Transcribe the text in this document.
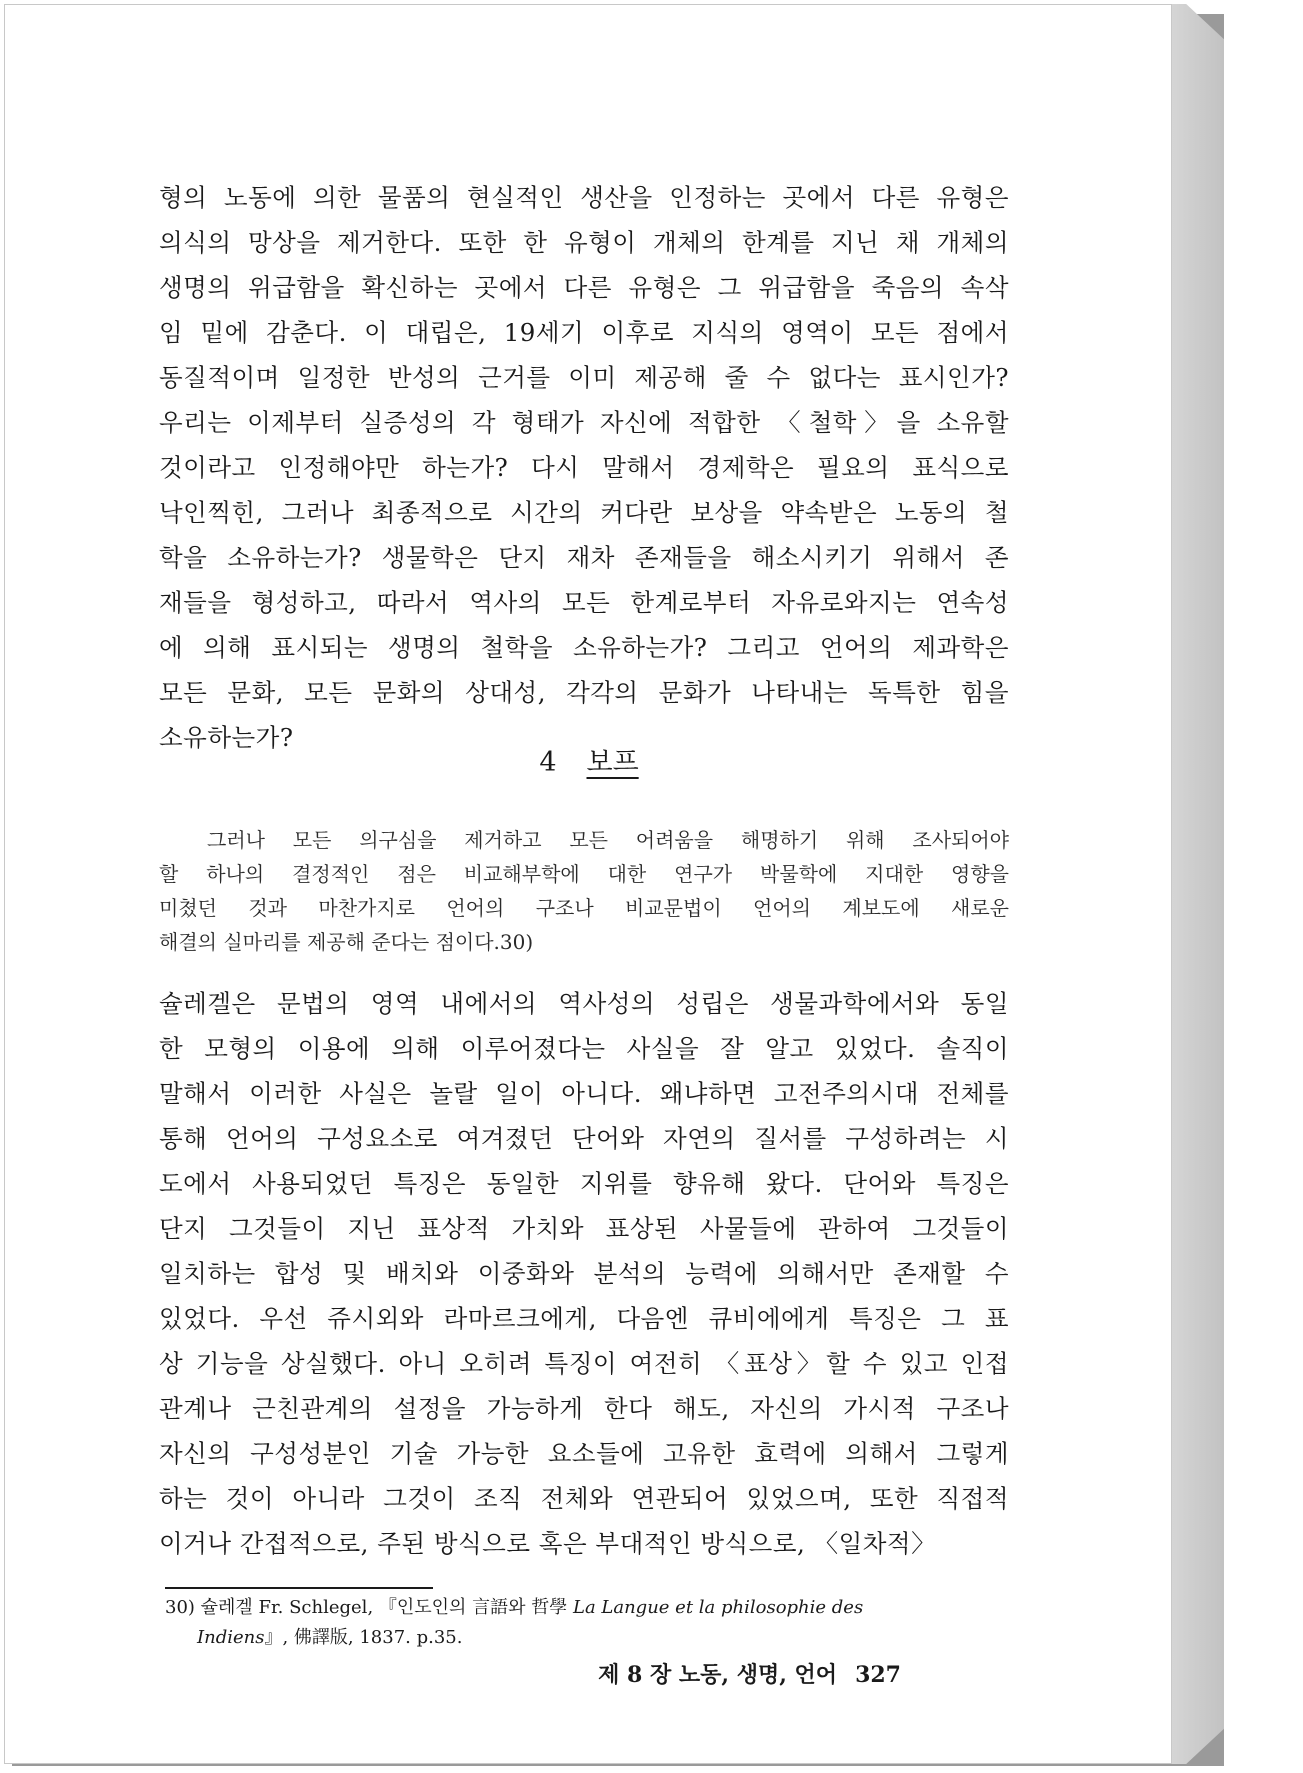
형의 노동에 의한 물품의 현실적인 생산을 인정하는 곳에서 다른 유형은
의식의 망상을 제거한다. 또한 한 유형이 개체의 한계를 지닌 채 개체의
생명의 위급함을 확신하는 곳에서 다른 유형은 그 위급함을 죽음의 속삭
임 밑에 감춘다. 이 대립은, 19세기 이후로 지식의 영역이 모든 점에서
동질적이며 일정한 반성의 근거를 이미 제공해 줄 수 없다는 표시인가?
우리는 이제부터 실증성의 각 형태가 자신에 적합한 〈철학〉을 소유할
것이라고 인정해야만 하는가? 다시 말해서 경제학은 필요의 표식으로
낙인찍힌, 그러나 최종적으로 시간의 커다란 보상을 약속받은 노동의 철
학을 소유하는가? 생물학은 단지 재차 존재들을 해소시키기 위해서 존
재들을 형성하고, 따라서 역사의 모든 한계로부터 자유로와지는 연속성
에 의해 표시되는 생명의 철학을 소유하는가? 그리고 언어의 제과학은
모든 문화, 모든 문화의 상대성, 각각의 문화가 나타내는 독특한 힘을
소유하는가?

4 보프
그러나 모든 의구심을 제거하고 모든 어려움을 해명하기 위해 조사되어야
할 하나의 결정적인 점은 비교해부학에 대한 연구가 박물학에 지대한 영향을
미쳤던 것과 마찬가지로 언어의 구조나 비교문법이 언어의 계보도에 새로운
해결의 실마리를 제공해 준다는 점이다.30)

슐레겔은 문법의 영역 내에서의 역사성의 성립은 생물과학에서와 동일
한 모형의 이용에 의해 이루어졌다는 사실을 잘 알고 있었다. 솔직이
말해서 이러한 사실은 놀랄 일이 아니다. 왜냐하면 고전주의시대 전체를
통해 언어의 구성요소로 여겨졌던 단어와 자연의 질서를 구성하려는 시
도에서 사용되었던 특징은 동일한 지위를 향유해 왔다. 단어와 특징은
단지 그것들이 지닌 표상적 가치와 표상된 사물들에 관하여 그것들이
일치하는 합성 및 배치와 이중화와 분석의 능력에 의해서만 존재할 수
있었다. 우선 쥬시외와 라마르크에게, 다음엔 큐비에에게 특징은 그 표
상 기능을 상실했다. 아니 오히려 특징이 여전히 〈표상〉할 수 있고 인접
관계나 근친관계의 설정을 가능하게 한다 해도, 자신의 가시적 구조나
자신의 구성성분인 기술 가능한 요소들에 고유한 효력에 의해서 그렇게
하는 것이 아니라 그것이 조직 전체와 연관되어 있었으며, 또한 직접적
이거나 간접적으로, 주된 방식으로 혹은 부대적인 방식으로, 〈일차적〉

30) 슐레겔 Fr. Schlegel, 『인도인의 言語와 哲學 La Langue et la philosophie des
Indiens』, 佛譯版, 1837. p.35.
제 8 장 노동, 생명, 언어 327
